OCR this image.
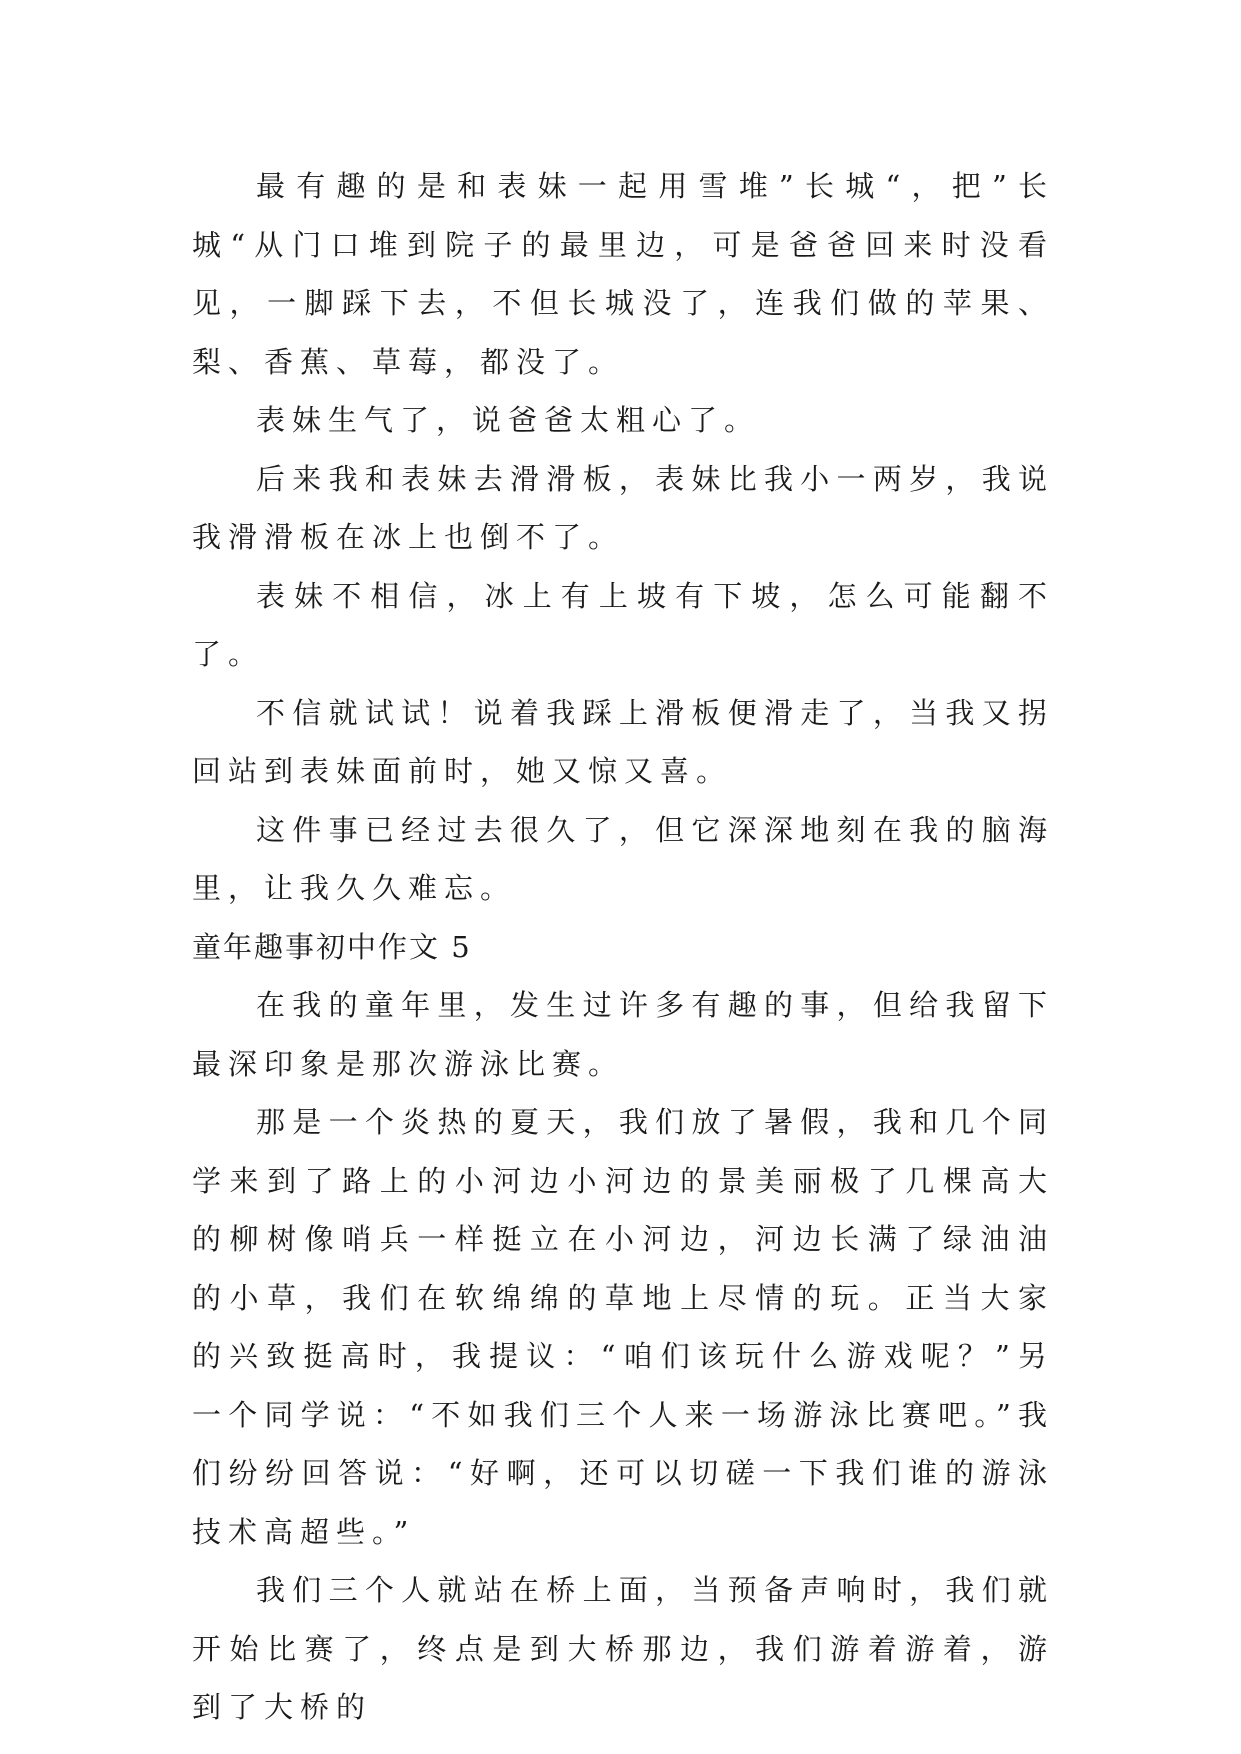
最有趣的是和表妹一起用雪堆”长城“，把”长城“从门口堆到院子的最里边，可是爸爸回来时没看见，一脚踩下去，不但长城没了，连我们做的苹果、梨、香蕉、草莓，都没了。

表妹生气了，说爸爸太粗心了。

后来我和表妹去滑滑板，表妹比我小一两岁，我说我滑滑板在冰上也倒不了。

表妹不相信，冰上有上坡有下坡，怎么可能翻不了。

不信就试试！说着我踩上滑板便滑走了，当我又拐回站到表妹面前时，她又惊又喜。

这件事已经过去很久了，但它深深地刻在我的脑海里，让我久久难忘。

童年趣事初中作文 5

在我的童年里，发生过许多有趣的事，但给我留下最深印象是那次游泳比赛。

那是一个炎热的夏天，我们放了暑假，我和几个同学来到了路上的小河边小河边的景美丽极了几棵高大的柳树像哨兵一样挺立在小河边，河边长满了绿油油的小草，我们在软绵绵的草地上尽情的玩。正当大家的兴致挺高时，我提议：“咱们该玩什么游戏呢？”另一个同学说：“不如我们三个人来一场游泳比赛吧。”我们纷纷回答说：“好啊，还可以切磋一下我们谁的游泳技术高超些。”

我们三个人就站在桥上面，当预备声响时，我们就开始比赛了，终点是到大桥那边，我们游着游着，游到了大桥的
